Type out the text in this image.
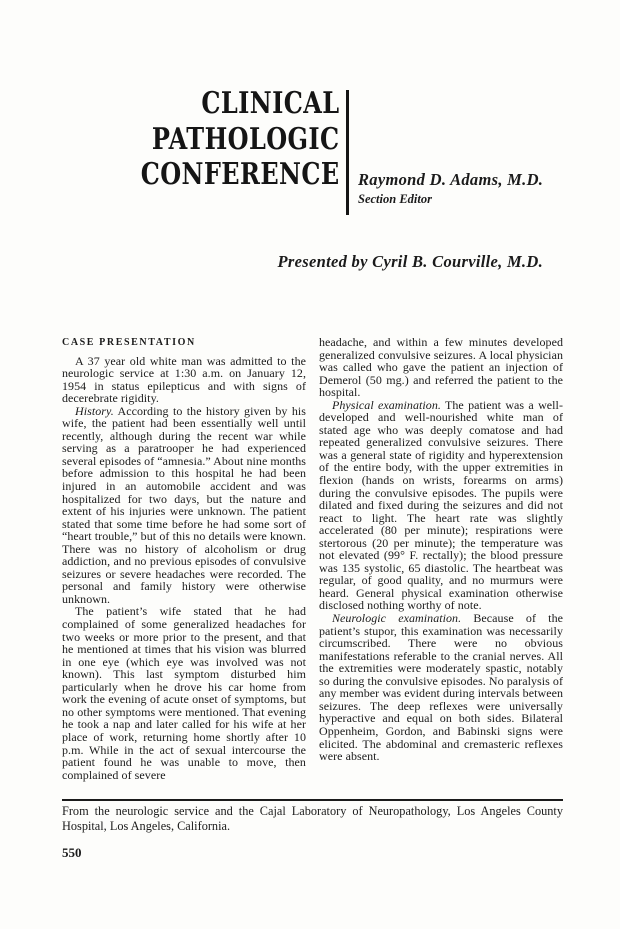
CLINICAL
PATHOLOGIC
CONFERENCE Raymond D. Adams, M.D.
Section Editor
Presented by Cyril B. Courville, M.D.
CASE PRESENTATION

A 37 year old white man was admitted to the neurologic service at 1:30 a.m. on January 12, 1954 in status epilepticus and with signs of decerebrate rigidity.

History. According to the history given by his wife, the patient had been essentially well until recently, although during the recent war while serving as a paratrooper he had experienced several episodes of “amnesia.” About nine months before admission to this hospital he had been injured in an automobile accident and was hospitalized for two days, but the nature and extent of his injuries were unknown. The patient stated that some time before he had some sort of “heart trouble,” but of this no details were known. There was no history of alcoholism or drug addiction, and no previous episodes of convulsive seizures or severe headaches were recorded. The personal and family history were otherwise unknown.

The patient’s wife stated that he had complained of some generalized headaches for two weeks or more prior to the present, and that he mentioned at times that his vision was blurred in one eye (which eye was involved was not known). This last symptom disturbed him particularly when he drove his car home from work the evening of acute onset of symptoms, but no other symptoms were mentioned. That evening he took a nap and later called for his wife at her place of work, returning home shortly after 10 p.m. While in the act of sexual intercourse the patient found he was unable to move, then complained of severe

headache, and within a few minutes developed generalized convulsive seizures. A local physician was called who gave the patient an injection of Demerol (50 mg.) and referred the patient to the hospital.

Physical examination. The patient was a well-developed and well-nourished white man of stated age who was deeply comatose and had repeated generalized convulsive seizures. There was a general state of rigidity and hyperextension of the entire body, with the upper extremities in flexion (hands on wrists, forearms on arms) during the convulsive episodes. The pupils were dilated and fixed during the seizures and did not react to light. The heart rate was slightly accelerated (80 per minute); respirations were stertorous (20 per minute); the temperature was not elevated (99° F. rectally); the blood pressure was 135 systolic, 65 diastolic. The heartbeat was regular, of good quality, and no murmurs were heard. General physical examination otherwise disclosed nothing worthy of note.

Neurologic examination. Because of the patient’s stupor, this examination was necessarily circumscribed. There were no obvious manifestations referable to the cranial nerves. All the extremities were moderately spastic, notably so during the convulsive episodes. No paralysis of any member was evident during intervals between seizures. The deep reflexes were universally hyperactive and equal on both sides. Bilateral Oppenheim, Gordon, and Babinski signs were elicited. The abdominal and cremasteric reflexes were absent.

From the neurologic service and the Cajal Laboratory of Neuropathology, Los Angeles County Hospital, Los Angeles, California.

550
